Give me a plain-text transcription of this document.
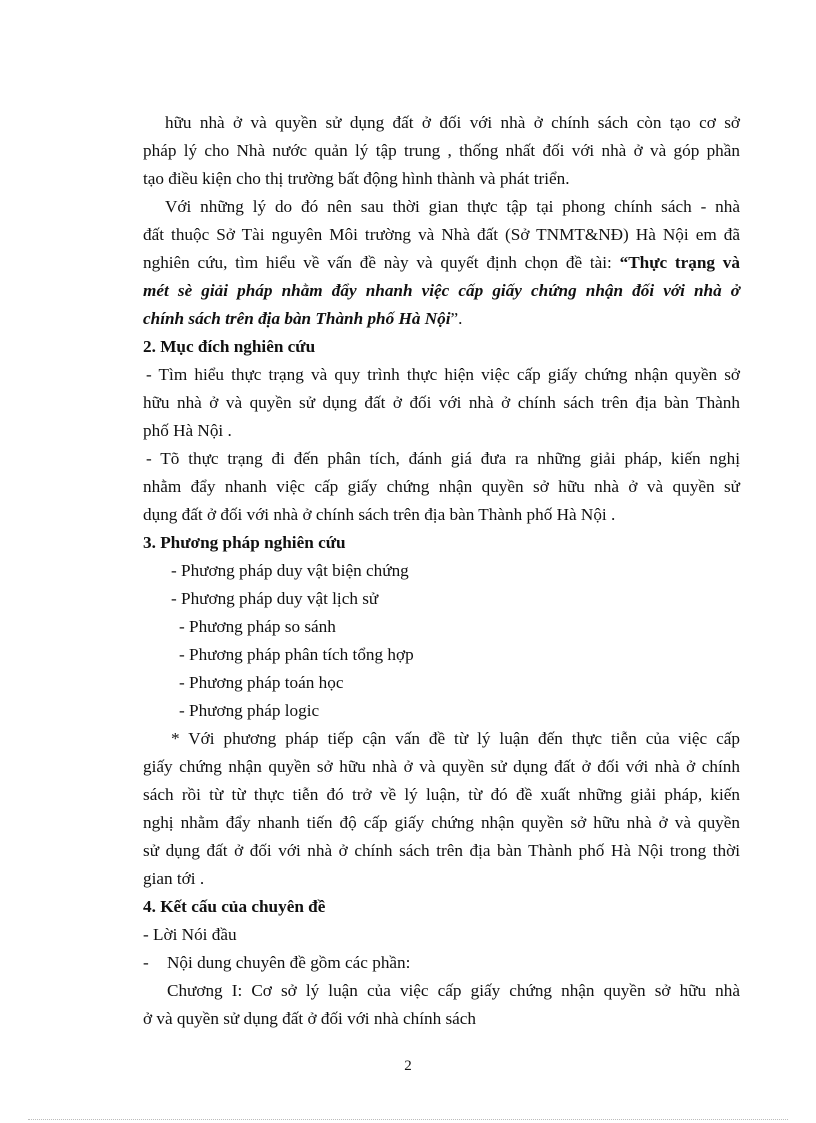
hữu nhà ở và quyền sử dụng đất ở đối với nhà ở chính sách còn tạo cơ sở
pháp lý cho Nhà nước quản lý tập trung , thống nhất đối với nhà ở và góp phần
tạo điều kiện cho thị trường bất động hình thành và phát triển.
Với những lý do đó nên sau thời gian thực tập tại phong chính sách - nhà
đất thuộc Sở Tài nguyên Môi trường và Nhà đất (Sở TNMT&NĐ) Hà Nội em đã
nghiên cứu, tìm hiểu về vấn đề này và quyết định chọn đề tài: “Thực trạng và
mét sè giải pháp nhằm đẩy nhanh việc cấp giấy chứng nhận đối với nhà ở
chính sách trên địa bàn Thành phố Hà Nội”.
2. Mục đích nghiên cứu
- Tìm hiểu thực trạng và quy trình thực hiện việc cấp giấy chứng nhận quyền sở
hữu nhà ở và quyền sử dụng đất ở đối với nhà ở chính sách trên địa bàn Thành
phố Hà Nội .
- Tõ thực trạng đi đến phân tích, đánh giá đưa ra những giải pháp, kiến nghị
nhằm đẩy nhanh việc cấp giấy chứng nhận quyền sở hữu nhà ở và quyền sử
dụng đất ở đối với nhà ở chính sách trên địa bàn Thành phố Hà Nội .
3. Phương pháp nghiên cứu
- Phương pháp duy vật biện chứng
- Phương pháp duy vật lịch sử
- Phương pháp so sánh
- Phương pháp phân tích tổng hợp
- Phương pháp toán học
- Phương pháp logic
* Với phương pháp tiếp cận vấn đề từ lý luận đến thực tiễn của việc cấp
giấy chứng nhận quyền sở hữu nhà ở và quyền sử dụng đất ở đối với nhà ở chính
sách rồi từ từ thực tiễn đó trở về lý luận, từ đó đề xuất những giải pháp, kiến
nghị nhằm đẩy nhanh tiến độ cấp giấy chứng nhận quyền sở hữu nhà ở và quyền
sử dụng đất ở đối với nhà ở chính sách trên địa bàn Thành phố Hà Nội trong thời
gian tới .
4. Kết cấu của chuyên đề
- Lời Nói đầu
-	Nội dung chuyên đề gồm các phần:
Chương I: Cơ sở lý luận của việc cấp giấy chứng nhận quyền sở hữu nhà
ở và quyền sử dụng đất ở đối với nhà chính sách
2
